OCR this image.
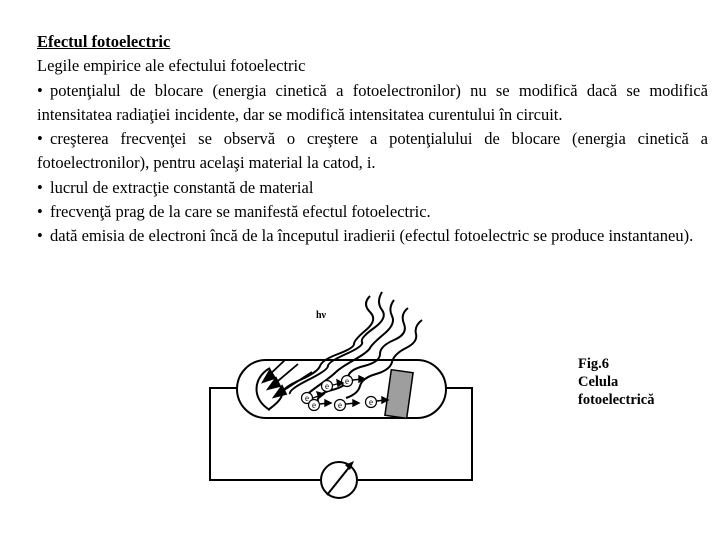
Efectul fotoelectric
Legile empirice ale efectului fotoelectric
• potenţialul de blocare (energia cinetică a fotoelectronilor) nu se modifică dacă se modifică intensitatea radiaţiei incidente, dar se modifică intensitatea curentului în circuit.
• creşterea frecvenţei se observă o creştere a potenţialului de blocare (energia cinetică a fotoelectronilor), pentru acelaşi material la catod, i.
• lucrul de extracţie constantă de material
• frecvenţă prag de la care se manifestă efectul fotoelectric.
• dată emisia de electroni încă de la începutul iradierii (efectul fotoelectric se produce instantaneu).
hν
e e
e
e e	e
Fig.6
Celula
fotoelectrică
